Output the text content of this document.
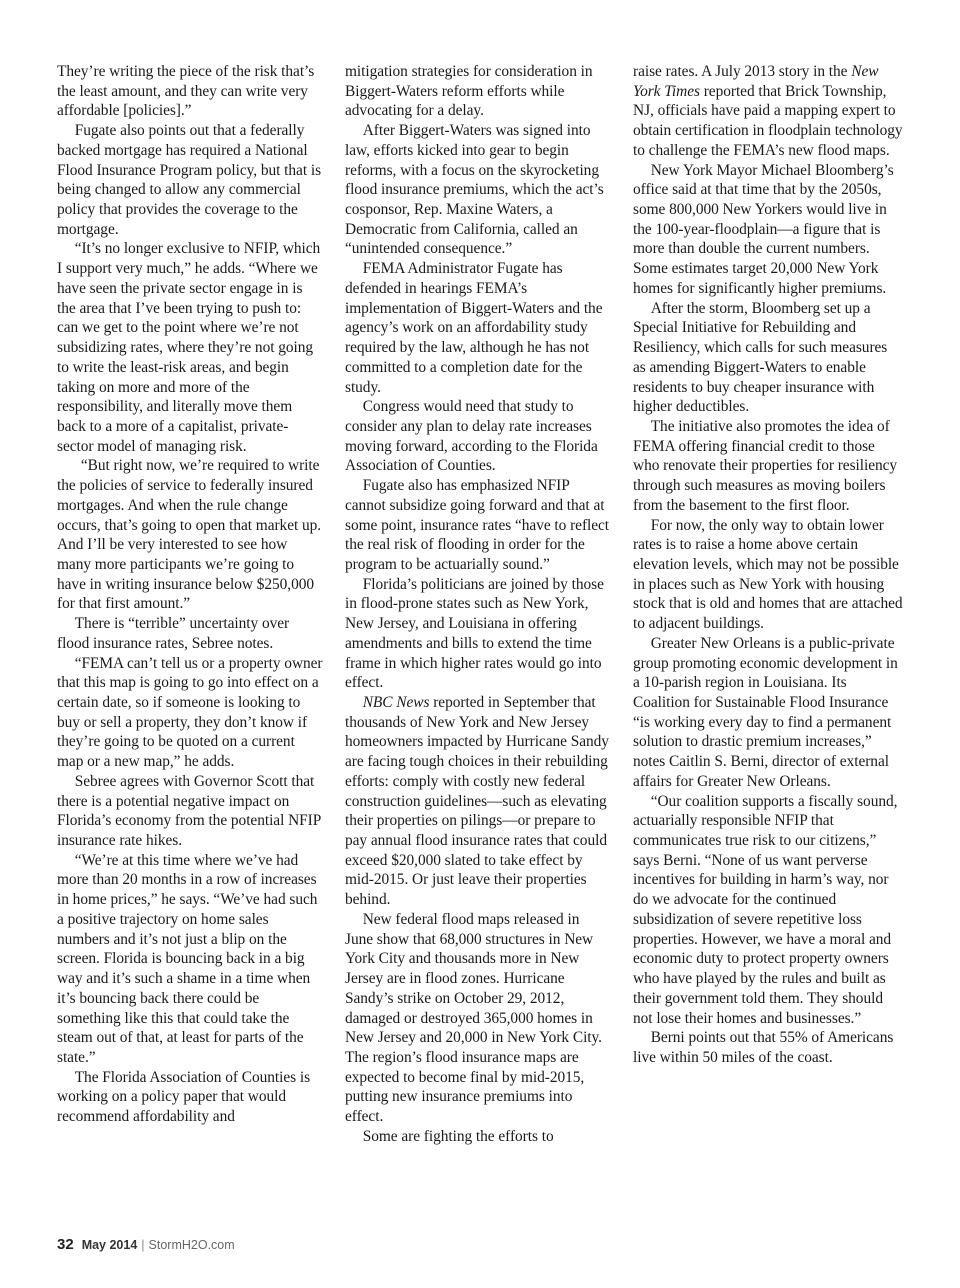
They’re writing the piece of the risk that’s the least amount, and they can write very affordable [policies].”

Fugate also points out that a federally backed mortgage has required a National Flood Insurance Program policy, but that is being changed to allow any commercial policy that provides the coverage to the mortgage.

“It’s no longer exclusive to NFIP, which I support very much,” he adds. “Where we have seen the private sector engage in is the area that I’ve been trying to push to: can we get to the point where we’re not subsidizing rates, where they’re not going to write the least-risk areas, and begin taking on more and more of the responsibility, and literally move them back to a more of a capitalist, private-sector model of managing risk.

“But right now, we’re required to write the policies of service to federally insured mortgages. And when the rule change occurs, that’s going to open that market up. And I’ll be very interested to see how many more participants we’re going to have in writing insurance below $250,000 for that first amount.”

There is “terrible” uncertainty over flood insurance rates, Sebree notes.

“FEMA can’t tell us or a property owner that this map is going to go into effect on a certain date, so if someone is looking to buy or sell a property, they don’t know if they’re going to be quoted on a current map or a new map,” he adds.

Sebree agrees with Governor Scott that there is a potential negative impact on Florida’s economy from the potential NFIP insurance rate hikes.

“We’re at this time where we’ve had more than 20 months in a row of increases in home prices,” he says. “We’ve had such a positive trajectory on home sales numbers and it’s not just a blip on the screen. Florida is bouncing back in a big way and it’s such a shame in a time when it’s bouncing back there could be something like this that could take the steam out of that, at least for parts of the state.”

The Florida Association of Counties is working on a policy paper that would recommend affordability and

mitigation strategies for consideration in Biggert-Waters reform efforts while advocating for a delay.

After Biggert-Waters was signed into law, efforts kicked into gear to begin reforms, with a focus on the skyrocketing flood insurance premiums, which the act’s cosponsor, Rep. Maxine Waters, a Democratic from California, called an “unintended consequence.”

FEMA Administrator Fugate has defended in hearings FEMA’s implementation of Biggert-Waters and the agency’s work on an affordability study required by the law, although he has not committed to a completion date for the study.

Congress would need that study to consider any plan to delay rate increases moving forward, according to the Florida Association of Counties.

Fugate also has emphasized NFIP cannot subsidize going forward and that at some point, insurance rates “have to reflect the real risk of flooding in order for the program to be actuarially sound.”

Florida’s politicians are joined by those in flood-prone states such as New York, New Jersey, and Louisiana in offering amendments and bills to extend the time frame in which higher rates would go into effect.

NBC News reported in September that thousands of New York and New Jersey homeowners impacted by Hurricane Sandy are facing tough choices in their rebuilding efforts: comply with costly new federal construction guidelines—such as elevating their properties on pilings—or prepare to pay annual flood insurance rates that could exceed $20,000 slated to take effect by mid-2015. Or just leave their properties behind.

New federal flood maps released in June show that 68,000 structures in New York City and thousands more in New Jersey are in flood zones. Hurricane Sandy’s strike on October 29, 2012, damaged or destroyed 365,000 homes in New Jersey and 20,000 in New York City. The region’s flood insurance maps are expected to become final by mid-2015, putting new insurance premiums into effect.

Some are fighting the efforts to

raise rates. A July 2013 story in the New York Times reported that Brick Township, NJ, officials have paid a mapping expert to obtain certification in floodplain technology to challenge the FEMA’s new flood maps.

New York Mayor Michael Bloomberg’s office said at that time that by the 2050s, some 800,000 New Yorkers would live in the 100-year-floodplain—a figure that is more than double the current numbers. Some estimates target 20,000 New York homes for significantly higher premiums.

After the storm, Bloomberg set up a Special Initiative for Rebuilding and Resiliency, which calls for such measures as amending Biggert-Waters to enable residents to buy cheaper insurance with higher deductibles.

The initiative also promotes the idea of FEMA offering financial credit to those who renovate their properties for resiliency through such measures as moving boilers from the basement to the first floor.

For now, the only way to obtain lower rates is to raise a home above certain elevation levels, which may not be possible in places such as New York with housing stock that is old and homes that are attached to adjacent buildings.

Greater New Orleans is a public-private group promoting economic development in a 10-parish region in Louisiana. Its Coalition for Sustainable Flood Insurance “is working every day to find a permanent solution to drastic premium increases,” notes Caitlin S. Berni, director of external affairs for Greater New Orleans.

“Our coalition supports a fiscally sound, actuarially responsible NFIP that communicates true risk to our citizens,” says Berni. “None of us want perverse incentives for building in harm’s way, nor do we advocate for the continued subsidization of severe repetitive loss properties. However, we have a moral and economic duty to protect property owners who have played by the rules and built as their government told them. They should not lose their homes and businesses.”

Berni points out that 55% of Americans live within 50 miles of the coast.

32 May 2014 | StormH2O.com
